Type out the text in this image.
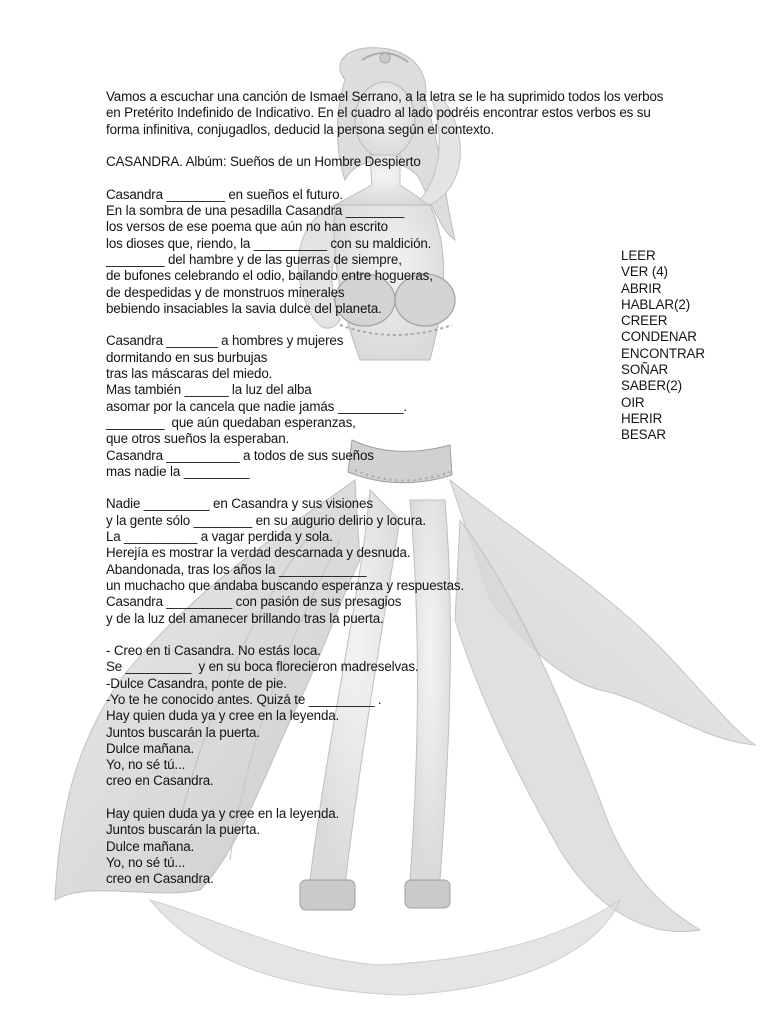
Vamos a escuchar una canción de Ismael Serrano, a la letra se le ha suprimido todos los verbos
en Pretérito Indefinido de Indicativo. En el cuadro al lado podréis encontrar estos verbos es su
forma infinitiva, conjugadlos, deducid la persona según el contexto.

CASANDRA. Albúm: Sueños de un Hombre Despierto

Casandra ________ en sueños el futuro.
En la sombra de una pesadilla Casandra ________
los versos de ese poema que aún no han escrito
los dioses que, riendo, la __________ con su maldición.
________ del hambre y de las guerras de siempre,
de bufones celebrando el odio, bailando entre hogueras,
de despedidas y de monstruos minerales
bebiendo insaciables la savia dulce del planeta.

Casandra _______ a hombres y mujeres
dormitando en sus burbujas
tras las máscaras del miedo.
Mas también ______ la luz del alba
asomar por la cancela que nadie jamás _________.
________  que aún quedaban esperanzas,
que otros sueños la esperaban.
Casandra __________ a todos de sus sueños
mas nadie la _________

Nadie _________ en Casandra y sus visiones
y la gente sólo ________ en su augurio delirio y locura.
La __________ a vagar perdida y sola.
Herejía es mostrar la verdad descarnada y desnuda.
Abandonada, tras los años la ____________
un muchacho que andaba buscando esperanza y respuestas.
Casandra _________ con pasión de sus presagios
y de la luz del amanecer brillando tras la puerta.

- Creo en ti Casandra. No estás loca.
Se _________  y en su boca florecieron madreselvas.
-Dulce Casandra, ponte de pie.
-Yo te he conocido antes. Quizá te _________ .
Hay quien duda ya y cree en la leyenda.
Juntos buscarán la puerta.
Dulce mañana.
Yo, no sé tú...
creo en Casandra.

Hay quien duda ya y cree en la leyenda.
Juntos buscarán la puerta.
Dulce mañana.
Yo, no sé tú...
creo en Casandra.

LEER
VER (4)
ABRIR
HABLAR(2)
CREER
CONDENAR
ENCONTRAR
SOÑAR
SABER(2)
OIR
HERIR
BESAR
